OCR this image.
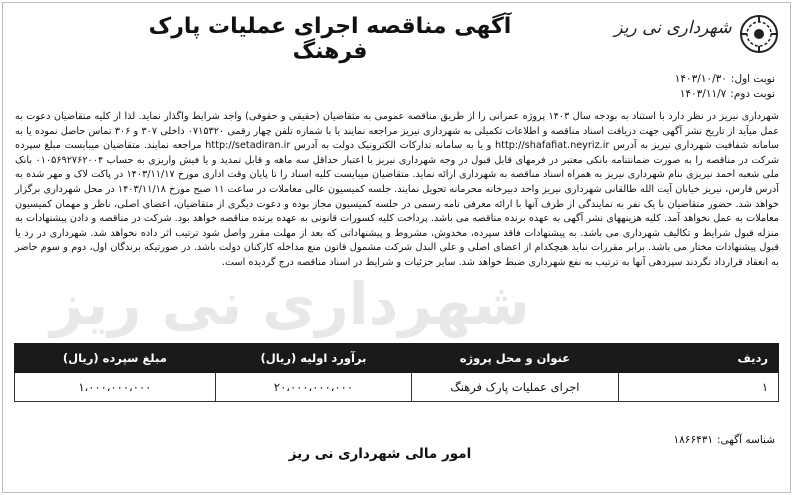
شهرداری نی ریز
آگهی مناقصه اجرای عملیات پارک فرهنگ
نوبت اول:
۱۴۰۳/۱۰/۳۰
نوبت دوم:
۱۴۰۳/۱۱/۷
شهرداری نی ریز
شهرداری نیریز در نظر دارد با استناد به بودجه سال ۱۴۰۳ پروژه عمرانی را از طریق مناقصه عمومی به متقاضیان (حقیقی و حقوقی) واجد شرایط واگذار نماید. لذا از کلیه متقاضیان دعوت به عمل میآید از تاریخ نشر آگهی جهت دریافت اسناد مناقصه و اطلاعات تکمیلی به شهرداری نیریز مراجعه نمایند یا با شماره تلفن چهار رقمی ۰۷۱۵۳۲۰ داخلی ۳۰۷ و ۳۰۶ تماس حاصل نموده یا به سامانه شفافیت شهرداری نیریز به آدرس http://shafafiat.neyriz.ir و یا به سامانه تدارکات الکترونیک دولت به آدرس http://setadiran.ir مراجعه نمایند. متقاضیان میبایست مبلغ سپرده شرکت در مناقصه را به صورت ضمانتنامه بانکی معتبر در فرمهای قابل قبول در وجه شهرداری نیریز با اعتبار حداقل سه ماهه و قابل تمدید و یا فیش واریزی به حساب ۰۱۰۵۶۹۲۷۶۲۰۰۴ بانک ملی شعبه احمد نیریزی بنام شهرداری نیریز به همراه اسناد مناقصه به شهرداری ارائه نماید. متقاضیان میبایست کلیه اسناد را تا پایان وقت اداری مورخ ۱۴۰۳/۱۱/۱۷ در پاکت لاک و مهر شده به آدرس فارس، نیریز خیابان آیت الله طالقانی شهرداری نیریز واحد دبیرخانه محرمانه تحویل نمایند. جلسه کمیسیون عالی معاملات در ساعت ۱۱ صبح مورخ ۱۴۰۳/۱۱/۱۸ در محل شهرداری برگزار خواهد شد. حضور متقاضیان با یک نفر به نمایندگی از طرف آنها با ارائه معرفی نامه رسمی در جلسه کمیسیون مجاز بوده و دعوت دیگری از متقاضیان، اعضای اصلی، ناظر و مهمان کمیسیون معاملات به عمل نخواهد آمد. کلیه هزینههای نشر آگهی به عهده برنده مناقصه می باشد. پرداخت کلیه کسورات قانونی به عهده برنده مناقصه خواهد بود. شرکت در مناقصه و دادن پیشنهادات به منزله قبول شرایط و تکالیف شهرداری می باشد. به پیشنهادات فاقد سپرده، مخدوش، مشروط و پیشنهاداتی که بعد از مهلت مقرر واصل شود ترتیب اثر داده نخواهد شد. شهرداری در رد یا قبول پیشنهادات مختار می باشد. برابر مقررات نباید هیچکدام از اعضای اصلی و علی البدل شرکت مشمول قانون منع مداخله کارکنان دولت باشد. در صورتیکه برندگان اول، دوم و سوم حاضر به انعقاد قرارداد نگردند سپردهی آنها به ترتیب به نفع شهرداری ضبط خواهد شد. سایر جزئیات و شرایط در اسناد مناقصه درج گردیده است.
ردیف	عنوان و محل پروژه	برآورد اولیه (ریال)	مبلغ سپرده (ریال)
۱	اجرای عملیات پارک فرهنگ	۲۰،۰۰۰،۰۰۰،۰۰۰	۱،۰۰۰،۰۰۰،۰۰۰
شناسه آگهی:
۱۸۶۶۴۳۱
امور مالی شهرداری نی ریز
